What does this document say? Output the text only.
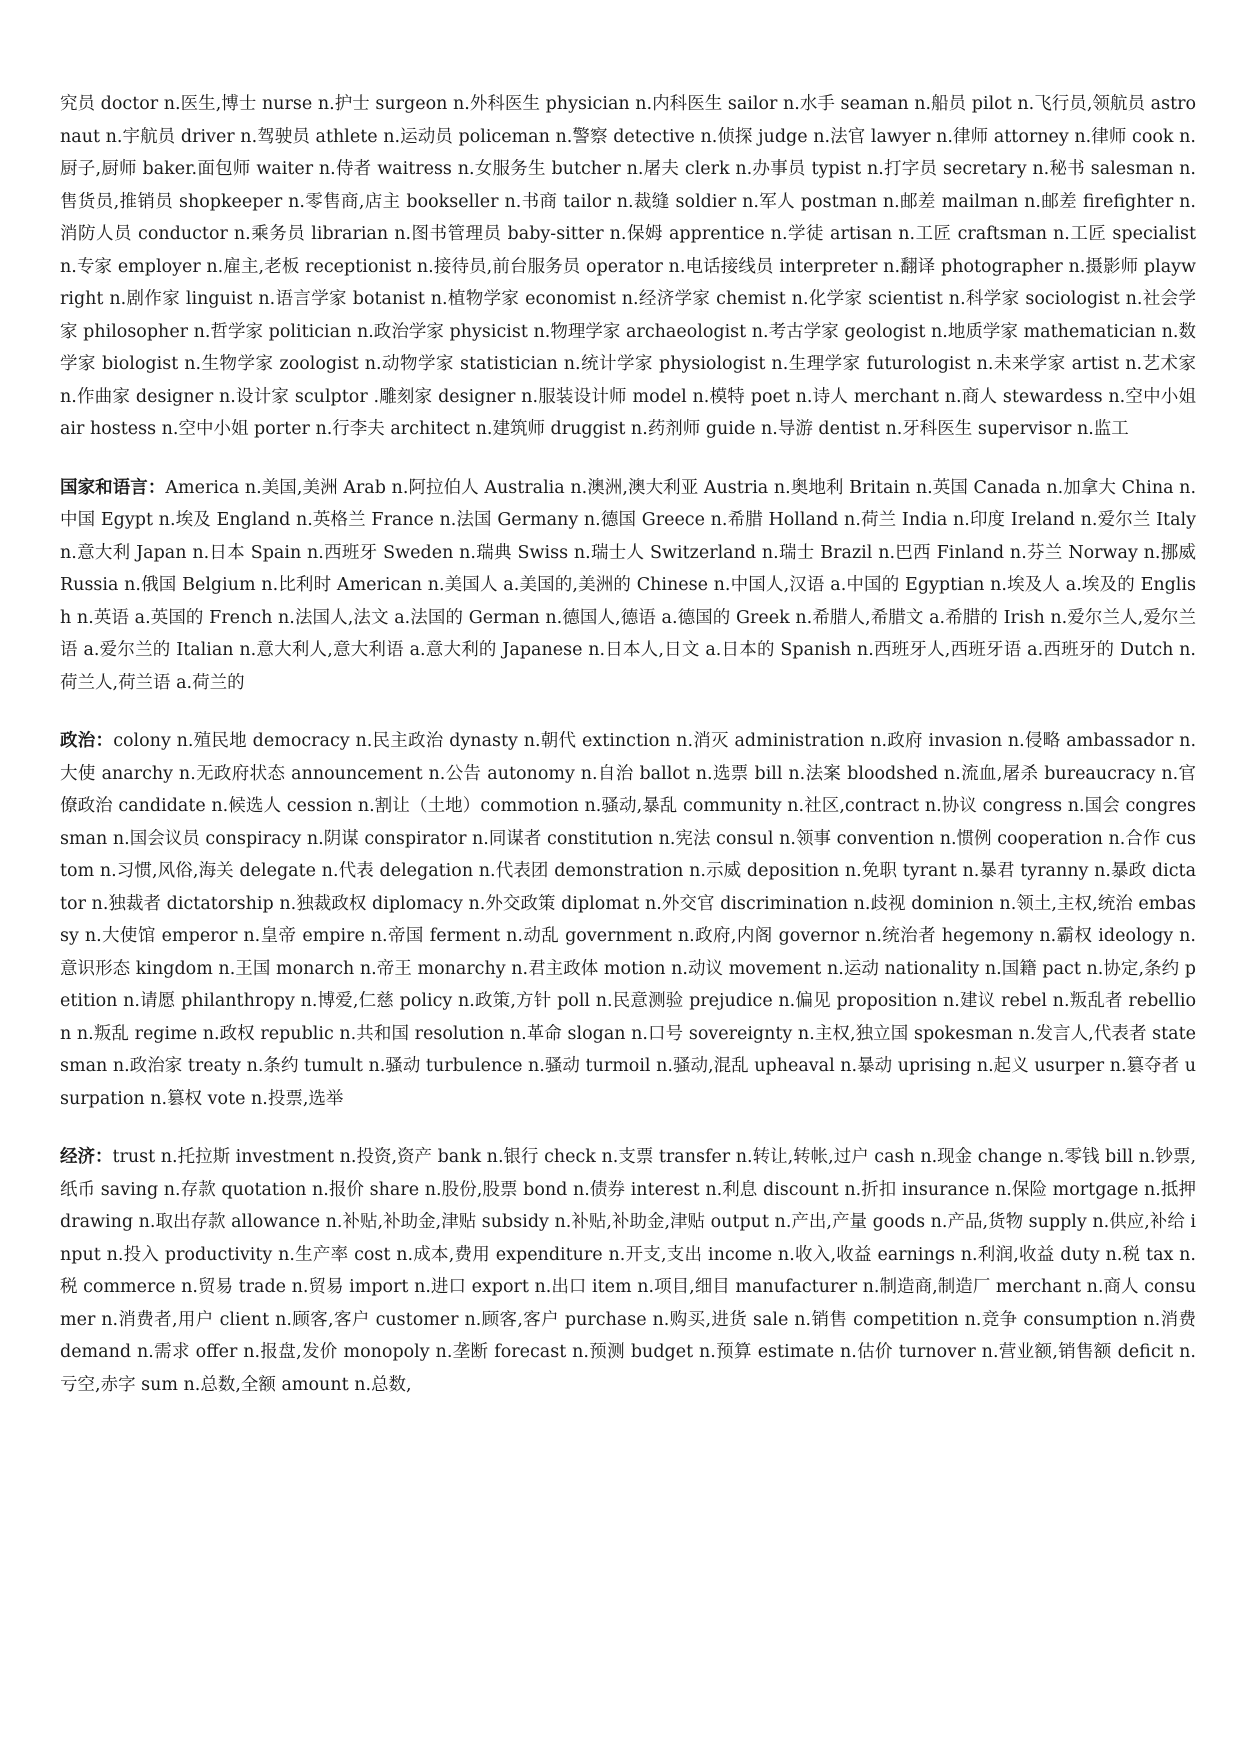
究员 doctor n.医生,博士 nurse n.护士 surgeon n.外科医生 physician n.内科医生 sailor n.水手 seaman n.船员 pilot n.飞行员,领航员 astronaut n.宇航员 driver n.驾驶员 athlete n.运动员 policeman n.警察 detective n.侦探 judge n.法官 lawyer n.律师 attorney n.律师 cook n.厨子,厨师 baker.面包师 waiter n.侍者 waitress n.女服务生 butcher n.屠夫 clerk n.办事员 typist n.打字员 secretary n.秘书 salesman n.售货员,推销员 shopkeeper n.零售商,店主 bookseller n.书商 tailor n.裁缝 soldier n.军人 postman n.邮差 mailman n.邮差 firefighter n.消防人员 conductor n.乘务员 librarian n.图书管理员 baby-sitter n.保姆 apprentice n.学徒 artisan n.工匠 craftsman n.工匠 specialist n.专家 employer n.雇主,老板 receptionist n.接待员,前台服务员 operator n.电话接线员 interpreter n.翻译 photographer n.摄影师 playwright n.剧作家 linguist n.语言学家 botanist n.植物学家 economist n.经济学家 chemist n.化学家 scientist n.科学家 sociologist n.社会学家 philosopher n.哲学家 politician n.政治学家 physicist n.物理学家 archaeologist n.考古学家 geologist n.地质学家 mathematician n.数学家 biologist n.生物学家 zoologist n.动物学家 statistician n.统计学家 physiologist n.生理学家 futurologist n.未来学家 artist n.艺术家 n.作曲家 designer n.设计家 sculptor .雕刻家 designer n.服装设计师 model n.模特 poet n.诗人 merchant n.商人 stewardess n.空中小姐 air hostess n.空中小姐 porter n.行李夫 architect n.建筑师 druggist n.药剂师 guide n.导游 dentist n.牙科医生 supervisor n.监工

国家和语言：America n.美国,美洲 Arab n.阿拉伯人 Australia n.澳洲,澳大利亚 Austria n.奥地利 Britain n.英国 Canada n.加拿大 China n.中国 Egypt n.埃及 England n.英格兰 France n.法国 Germany n.德国 Greece n.希腊 Holland n.荷兰 India n.印度 Ireland n.爱尔兰 Italy n.意大利 Japan n.日本 Spain n.西班牙 Sweden n.瑞典 Swiss n.瑞士人 Switzerland n.瑞士 Brazil n.巴西 Finland n.芬兰 Norway n.挪威 Russia n.俄国 Belgium n.比利时 American n.美国人 a.美国的,美洲的 Chinese n.中国人,汉语 a.中国的 Egyptian n.埃及人 a.埃及的 English n.英语 a.英国的 French n.法国人,法文 a.法国的 German n.德国人,德语 a.德国的 Greek n.希腊人,希腊文 a.希腊的 Irish n.爱尔兰人,爱尔兰语 a.爱尔兰的 Italian n.意大利人,意大利语 a.意大利的 Japanese n.日本人,日文 a.日本的 Spanish n.西班牙人,西班牙语 a.西班牙的 Dutch n.荷兰人,荷兰语 a.荷兰的

政治：colony n.殖民地 democracy n.民主政治 dynasty n.朝代 extinction n.消灭 administration n.政府 invasion n.侵略 ambassador n.大使 anarchy n.无政府状态 announcement n.公告 autonomy n.自治 ballot n.选票 bill n.法案 bloodshed n.流血,屠杀 bureaucracy n.官僚政治 candidate n.候选人 cession n.割让（土地）commotion n.骚动,暴乱 community n.社区,contract n.协议 congress n.国会 congressman n.国会议员 conspiracy n.阴谋 conspirator n.同谋者 constitution n.宪法 consul n.领事 convention n.惯例 cooperation n.合作 custom n.习惯,风俗,海关 delegate n.代表 delegation n.代表团 demonstration n.示威 deposition n.免职 tyrant n.暴君 tyranny n.暴政 dictator n.独裁者 dictatorship n.独裁政权 diplomacy n.外交政策 diplomat n.外交官 discrimination n.歧视 dominion n.领土,主权,统治 embassy n.大使馆 emperor n.皇帝 empire n.帝国 ferment n.动乱 government n.政府,内阁 governor n.统治者 hegemony n.霸权 ideology n.意识形态 kingdom n.王国 monarch n.帝王 monarchy n.君主政体 motion n.动议 movement n.运动 nationality n.国籍 pact n.协定,条约 petition n.请愿 philanthropy n.博爱,仁慈 policy n.政策,方针 poll n.民意测验 prejudice n.偏见 proposition n.建议 rebel n.叛乱者 rebellion n.叛乱 regime n.政权 republic n.共和国 resolution n.革命 slogan n.口号 sovereignty n.主权,独立国 spokesman n.发言人,代表者 statesman n.政治家 treaty n.条约 tumult n.骚动 turbulence n.骚动 turmoil n.骚动,混乱 upheaval n.暴动 uprising n.起义 usurper n.篡夺者 usurpation n.篡权 vote n.投票,选举

经济：trust n.托拉斯 investment n.投资,资产 bank n.银行 check n.支票 transfer n.转让,转帐,过户 cash n.现金 change n.零钱 bill n.钞票,纸币 saving n.存款 quotation n.报价 share n.股份,股票 bond n.债券 interest n.利息 discount n.折扣 insurance n.保险 mortgage n.抵押 drawing n.取出存款 allowance n.补贴,补助金,津贴 subsidy n.补贴,补助金,津贴 output n.产出,产量 goods n.产品,货物 supply n.供应,补给 input n.投入 productivity n.生产率 cost n.成本,费用 expenditure n.开支,支出 income n.收入,收益 earnings n.利润,收益 duty n.税 tax n.税 commerce n.贸易 trade n.贸易 import n.进口 export n.出口 item n.项目,细目 manufacturer n.制造商,制造厂 merchant n.商人 consumer n.消费者,用户 client n.顾客,客户 customer n.顾客,客户 purchase n.购买,进货 sale n.销售 competition n.竞争 consumption n.消费 demand n.需求 offer n.报盘,发价 monopoly n.垄断 forecast n.预测 budget n.预算 estimate n.估价 turnover n.营业额,销售额 deficit n.亏空,赤字 sum n.总数,全额 amount n.总数,
